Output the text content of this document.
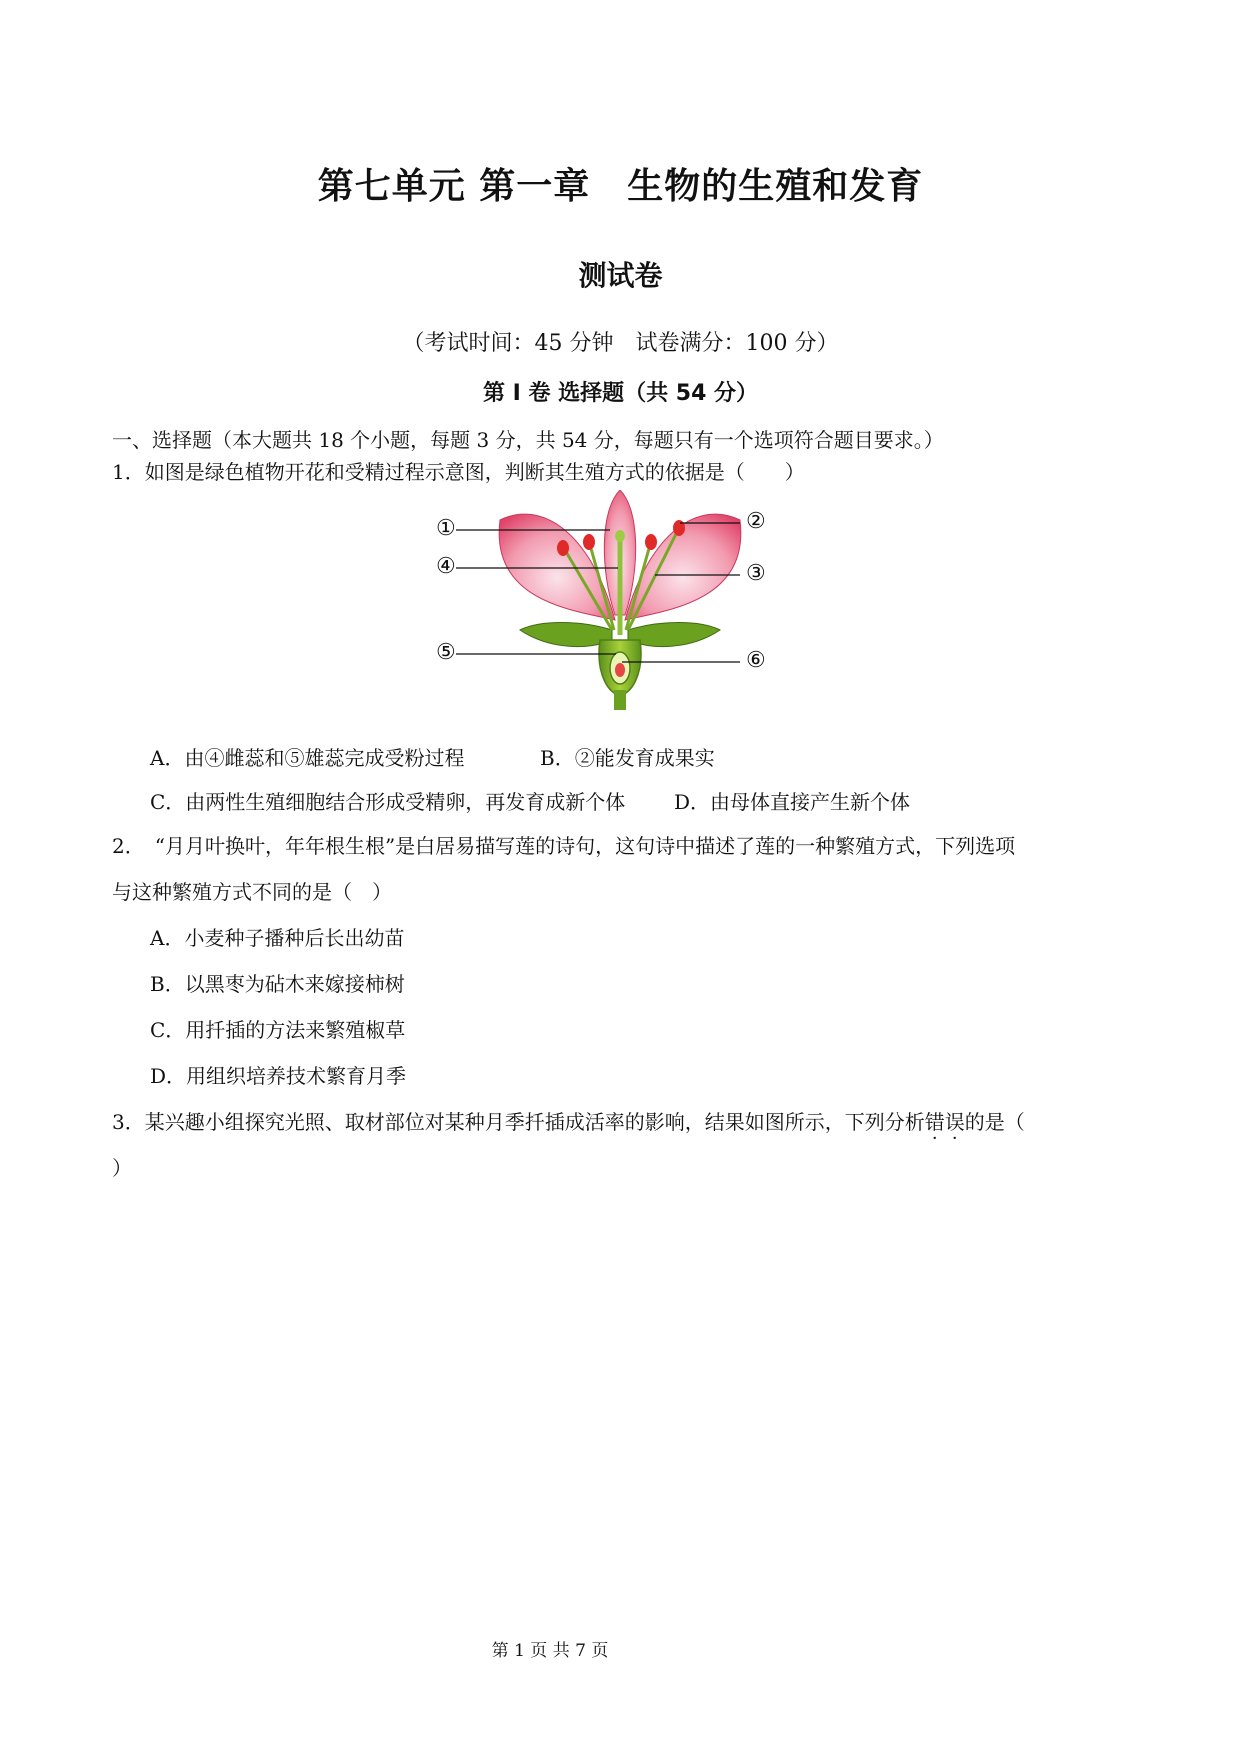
第七单元 第一章　生物的生殖和发育
测试卷
（考试时间：45 分钟　试卷满分：100 分）
第 I 卷 选择题（共 54 分）
一、选择题（本大题共 18 个小题，每题 3 分，共 54 分，每题只有一个选项符合题目要求。）
1．如图是绿色植物开花和受精过程示意图，判断其生殖方式的依据是（　　）
①	②
③
④
⑤	⑥
A．由④雌蕊和⑤雄蕊完成受粉过程	B．②能发育成果实
C．由两性生殖细胞结合形成受精卵，再发育成新个体 D．由母体直接产生新个体
2．　“月月叶换叶，年年根生根”是白居易描写莲的诗句，这句诗中描述了莲的一种繁殖方式，下列选项
与这种繁殖方式不同的是（　）
A．小麦种子播种后长出幼苗
B．以黑枣为砧木来嫁接柿树
C．用扦插的方法来繁殖椒草
D．用组织培养技术繁育月季
3．某兴趣小组探究光照、取材部位对某种月季扦插成活率的影响，结果如图所示，下列分析错误的是（
）
第 1 页 共 7 页
